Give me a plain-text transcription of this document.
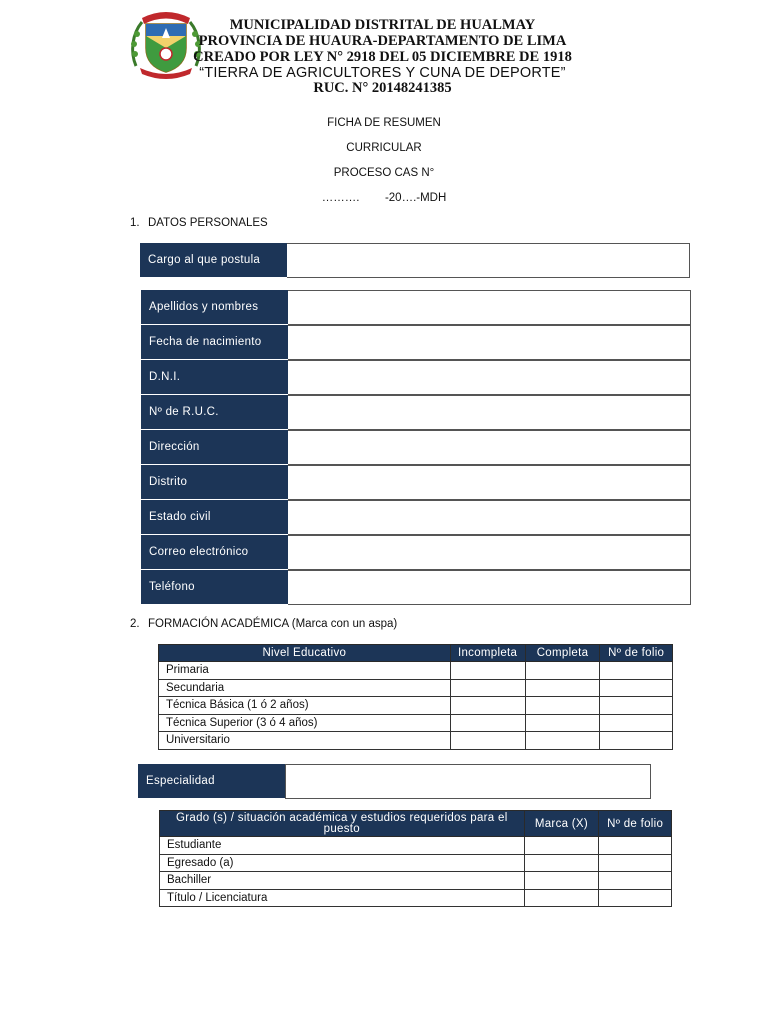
MUNICIPALIDAD DISTRITAL DE HUALMAY
PROVINCIA DE HUAURA-DEPARTAMENTO DE LIMA
CREADO POR LEY N° 2918 DEL 05 DICIEMBRE DE 1918
“TIERRA DE AGRICULTORES Y CUNA DE DEPORTE”
RUC. N° 20148241385
FICHA DE RESUMEN
CURRICULAR
PROCESO CAS N°
……….        -20….-MDH
1. DATOS PERSONALES
Cargo al que postula
Apellidos y nombres
Fecha de nacimiento
D.N.I.
Nº de R.U.C.
Dirección
Distrito
Estado civil
Correo electrónico
Teléfono
2. FORMACIÓN ACADÉMICA (Marca con un aspa)
Nivel Educativo	Incompleta	Completa	Nº de folio
Primaria			
Secundaria			
Técnica Básica (1 ó 2 años)			
Técnica Superior (3 ó 4 años)			
Universitario			
Especialidad
Grado (s) / situación académica y estudios requeridos para el puesto	Marca (X)	Nº de folio
Estudiante		
Egresado (a)		
Bachiller		
Título / Licenciatura		
